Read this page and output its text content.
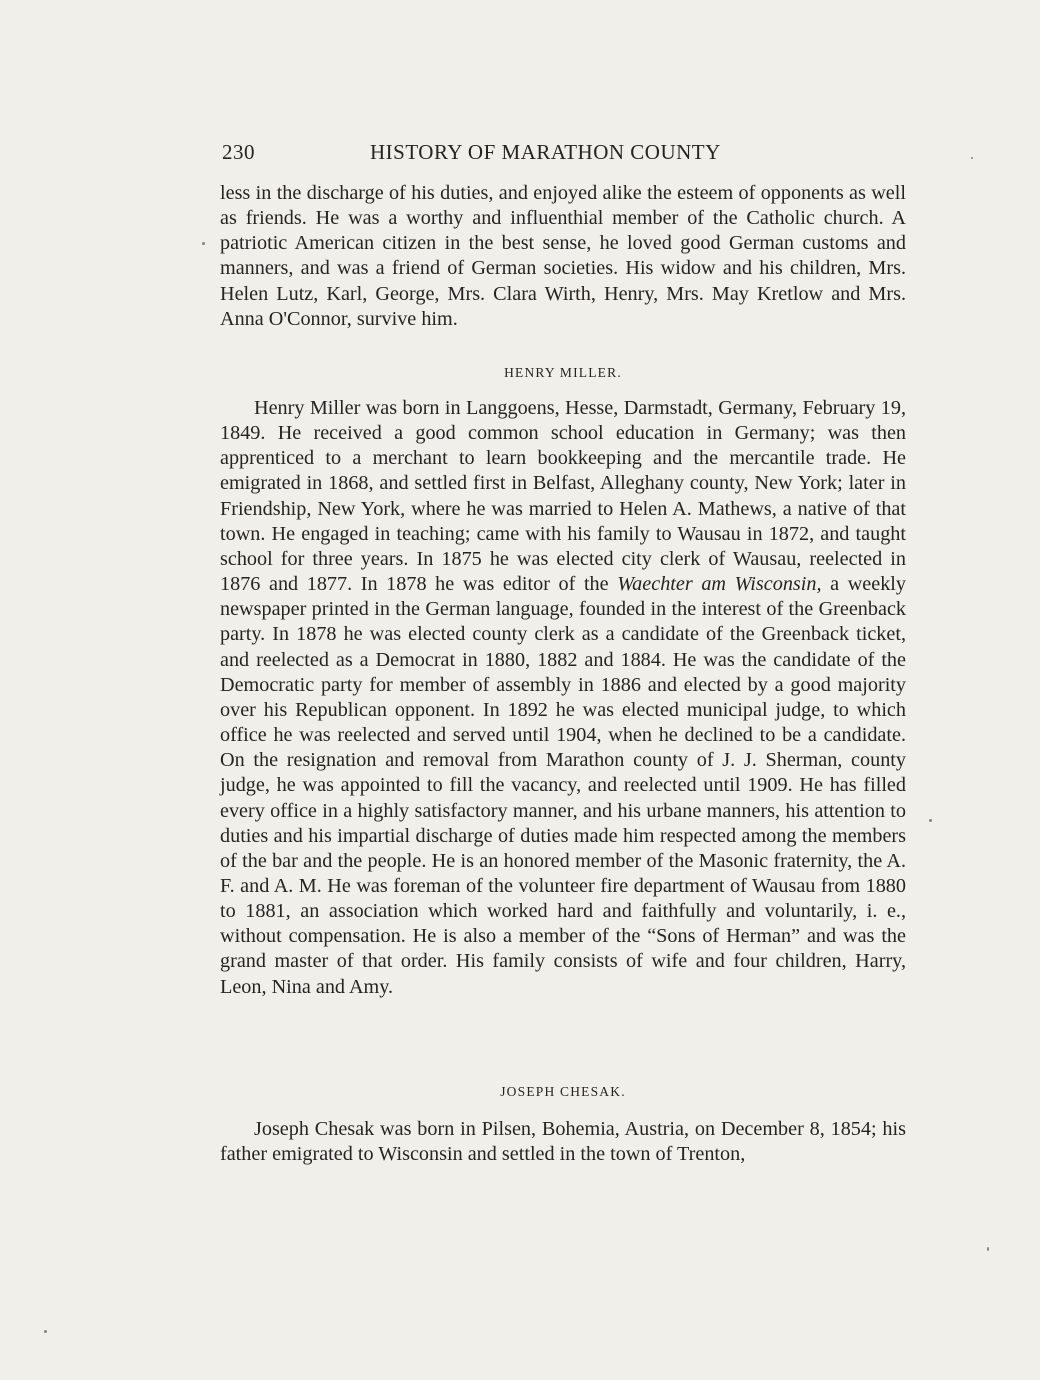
230	HISTORY OF MARATHON COUNTY

less in the discharge of his duties, and enjoyed alike the esteem of opponents as well as friends. He was a worthy and influenthial member of the Catholic church. A patriotic American citizen in the best sense, he loved good German customs and manners, and was a friend of German societies. His widow and his children, Mrs. Helen Lutz, Karl, George, Mrs. Clara Wirth, Henry, Mrs. May Kretlow and Mrs. Anna O'Connor, survive him.

HENRY MILLER.

Henry Miller was born in Langgoens, Hesse, Darmstadt, Germany, February 19, 1849. He received a good common school education in Germany; was then apprenticed to a merchant to learn bookkeeping and the mercantile trade. He emigrated in 1868, and settled first in Belfast, Alleghany county, New York; later in Friendship, New York, where he was married to Helen A. Mathews, a native of that town. He engaged in teaching; came with his family to Wausau in 1872, and taught school for three years. In 1875 he was elected city clerk of Wausau, reelected in 1876 and 1877. In 1878 he was editor of the Waechter am Wisconsin, a weekly newspaper printed in the German language, founded in the interest of the Greenback party. In 1878 he was elected county clerk as a candidate of the Greenback ticket, and reelected as a Democrat in 1880, 1882 and 1884. He was the candidate of the Democratic party for member of assembly in 1886 and elected by a good majority over his Republican opponent. In 1892 he was elected municipal judge, to which office he was reelected and served until 1904, when he declined to be a candidate. On the resignation and removal from Marathon county of J. J. Sherman, county judge, he was appointed to fill the vacancy, and reelected until 1909. He has filled every office in a highly satisfactory manner, and his urbane manners, his attention to duties and his impartial discharge of duties made him respected among the members of the bar and the people. He is an honored member of the Masonic fraternity, the A. F. and A. M. He was foreman of the volunteer fire department of Wausau from 1880 to 1881, an association which worked hard and faithfully and voluntarily, i. e., without compensation. He is also a member of the “Sons of Herman” and was the grand master of that order. His family consists of wife and four children, Harry, Leon, Nina and Amy.

JOSEPH CHESAK.

Joseph Chesak was born in Pilsen, Bohemia, Austria, on December 8, 1854; his father emigrated to Wisconsin and settled in the town of Trenton,
